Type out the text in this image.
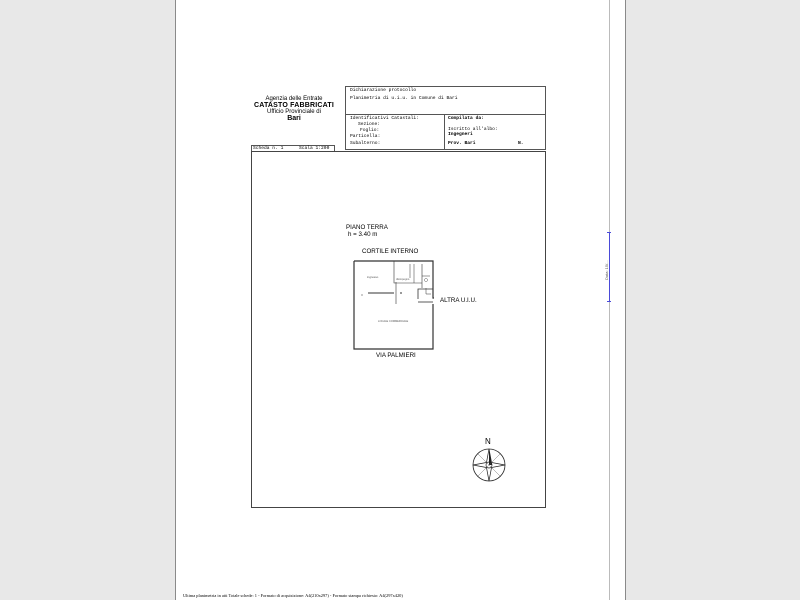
Data: 15/...
Agenzia delle Entrate
CATASTO FABBRICATI
Ufficio Provinciale di
Bari
Dichiarazione protocollo
Planimetria di u.i.u. in Comune di Bari
Identificativi Catastali:
Sezione:
Foglio:
Particella:
Subalterno:
Compilata da:
Iscritto all'albo:
Ingegneri
Prov. Bari	N.
Scheda n. 1	Scala 1:200
PIANO TERRA
h = 3.40 m
CORTILE INTERNO
ALTRA U.I.U.
VIA PALMIERI
ingresso
disimpegno
LOCALE COMMERCIALE
N
Ultima planimetria in atti Totale schede: 1 - Formato di acquisizione: A4(210x297) - Formato stampa richiesto: A4(297x420)
